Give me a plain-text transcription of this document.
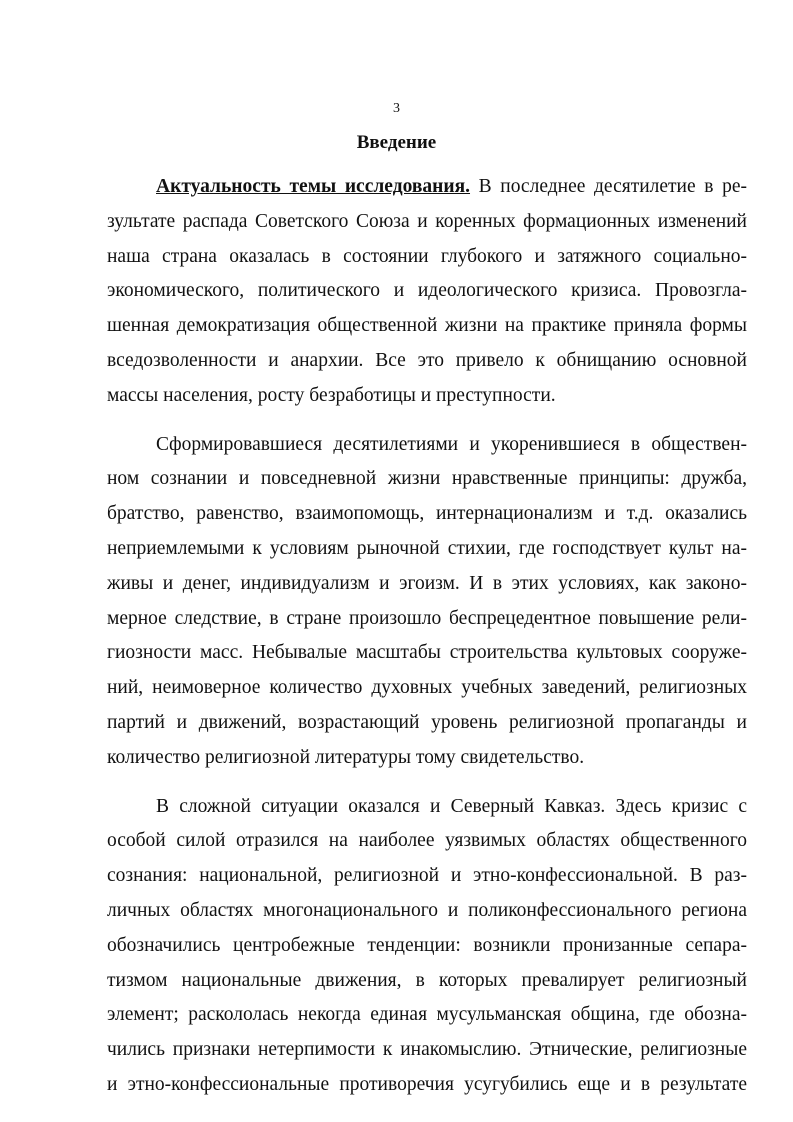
3
Введение

Актуальность темы исследования. В последнее десятилетие в ре-
зультате распада Советского Союза и коренных формационных изменений
наша страна оказалась в состоянии глубокого и затяжного социально-
экономического, политического и идеологического кризиса. Провозгла-
шенная демократизация общественной жизни на практике приняла формы
вседозволенности и анархии. Все это привело к обнищанию основной
массы населения, росту безработицы и преступности.

Сформировавшиеся десятилетиями и укоренившиеся в обществен-
ном сознании и повседневной жизни нравственные принципы: дружба,
братство, равенство, взаимопомощь, интернационализм и т.д. оказались
неприемлемыми к условиям рыночной стихии, где господствует культ на-
живы и денег, индивидуализм и эгоизм. И в этих условиях, как законо-
мерное следствие, в стране произошло беспрецедентное повышение рели-
гиозности масс. Небывалые масштабы строительства культовых сооруже-
ний, неимоверное количество духовных учебных заведений, религиозных
партий и движений, возрастающий уровень религиозной пропаганды и
количество религиозной литературы тому свидетельство.

В сложной ситуации оказался и Северный Кавказ. Здесь кризис с
особой силой отразился на наиболее уязвимых областях общественного
сознания: национальной, религиозной и этно-конфессиональной. В раз-
личных областях многонационального и поликонфессионального региона
обозначились центробежные тенденции: возникли пронизанные сепара-
тизмом национальные движения, в которых превалирует религиозный
элемент; раскололась некогда единая мусульманская община, где обозна-
чились признаки нетерпимости к инакомыслию. Этнические, религиозные
и этно-конфессиональные противоречия усугубились еще и в результате
